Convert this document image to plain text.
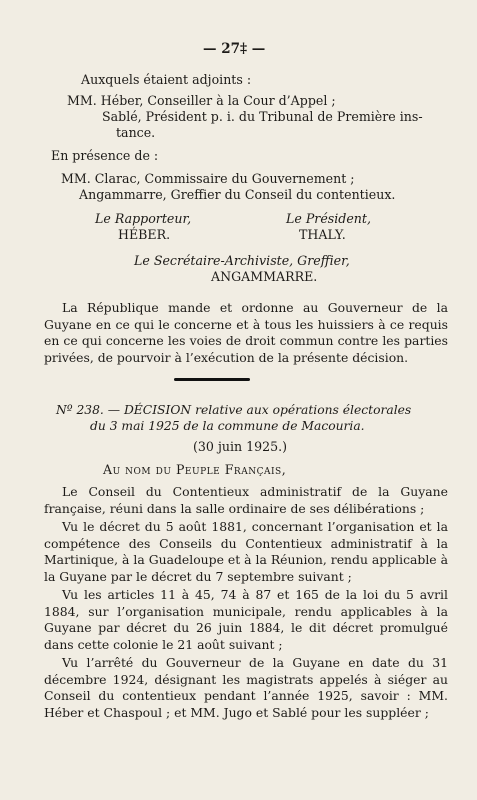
— 27‡ —
Auxquels étaient adjoints :
MM. Héber, Conseiller à la Cour d’Appel ;
Sablé, Président p. i. du Tribunal de Première ins-
tance.
En présence de :
MM. Clarac, Commissaire du Gouvernement ;
Angammarre, Greffier du Conseil du contentieux.
Le Rapporteur,
HÉBER.
Le Président,
THALY.
Le Secrétaire-Archiviste, Greffier,
ANGAMMARRE.
La République mande et ordonne au Gouverneur de la Guyane en ce qui le concerne et à tous les huissiers à ce requis en ce qui concerne les voies de droit commun contre les parties privées, de pourvoir à l’exécution de la présente décision.
Nº 238. — DÉCISION relative aux opérations électorales
du 3 mai 1925 de la commune de Macouria.
(30 juin 1925.)
Au nom du Peuple Français,
Le Conseil du Contentieux administratif de la Guyane française, réuni dans la salle ordinaire de ses délibérations ;
Vu le décret du 5 août 1881, concernant l’organisation et la compétence des Conseils du Contentieux administratif à la Martinique, à la Guadeloupe et à la Réunion, rendu applicable à la Guyane par le décret du 7 septembre suivant ;
Vu les articles 11 à 45, 74 à 87 et 165 de la loi du 5 avril 1884, sur l’organisation municipale, rendu applicables à la Guyane par décret du 26 juin 1884, le dit décret promulgué dans cette colonie le 21 août suivant ;
Vu l’arrêté du Gouverneur de la Guyane en date du 31 décembre 1924, désignant les magistrats appelés à siéger au Conseil du contentieux pendant l’année 1925, savoir : MM. Héber et Chaspoul ; et MM. Jugo et Sablé pour les suppléer ;
